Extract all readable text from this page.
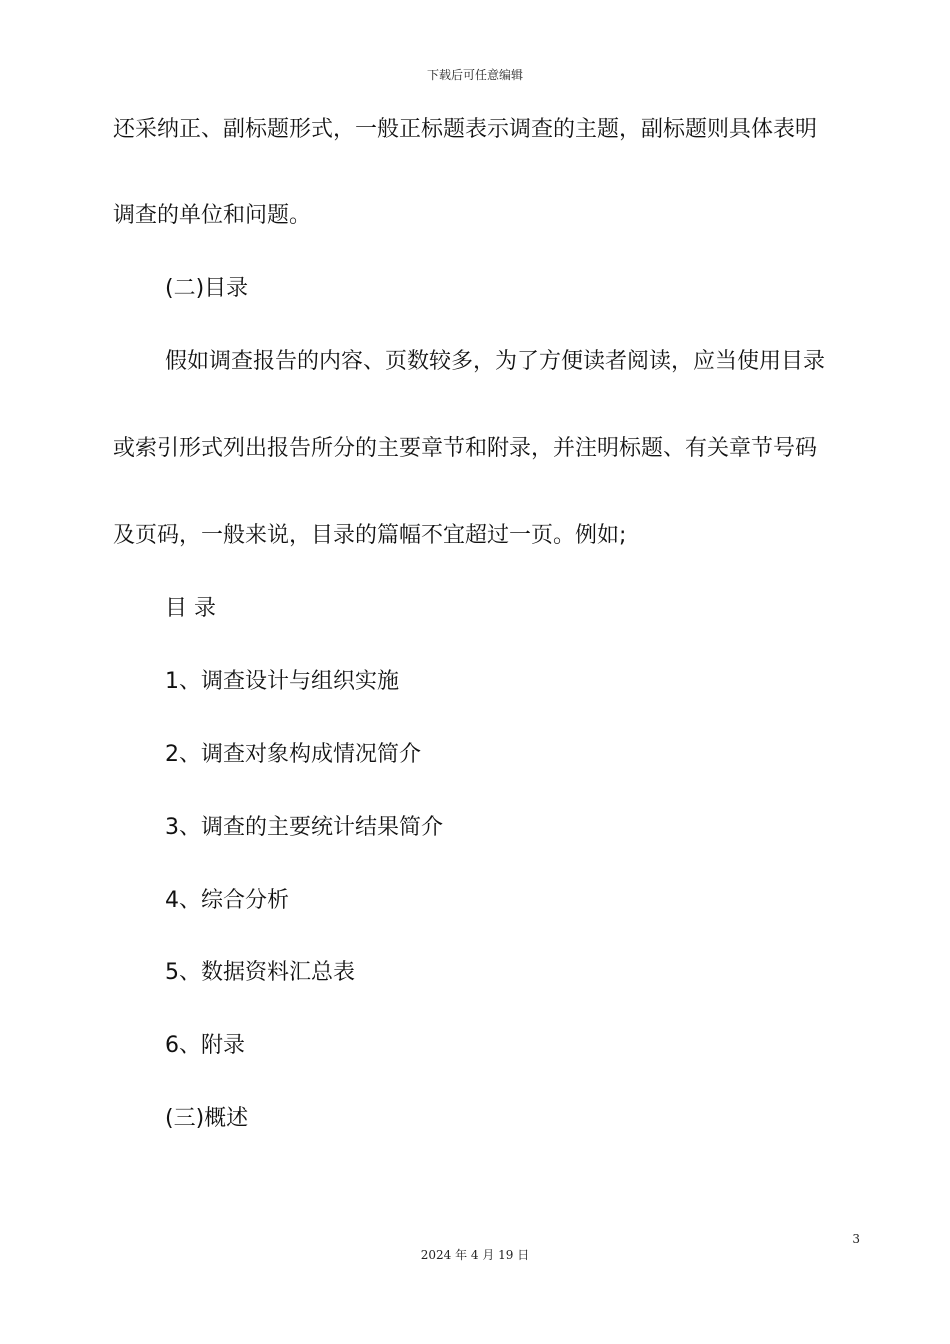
下载后可任意编辑
还采纳正、副标题形式，一般正标题表示调查的主题，副标题则具体表明
调查的单位和问题。
(二)目录
假如调查报告的内容、页数较多，为了方便读者阅读，应当使用目录
或索引形式列出报告所分的主要章节和附录，并注明标题、有关章节号码
及页码，一般来说，目录的篇幅不宜超过一页。例如;
目 录
1、调查设计与组织实施
2、调查对象构成情况简介
3、调查的主要统计结果简介
4、综合分析
5、数据资料汇总表
6、附录
(三)概述
3
2024 年 4 月 19 日
